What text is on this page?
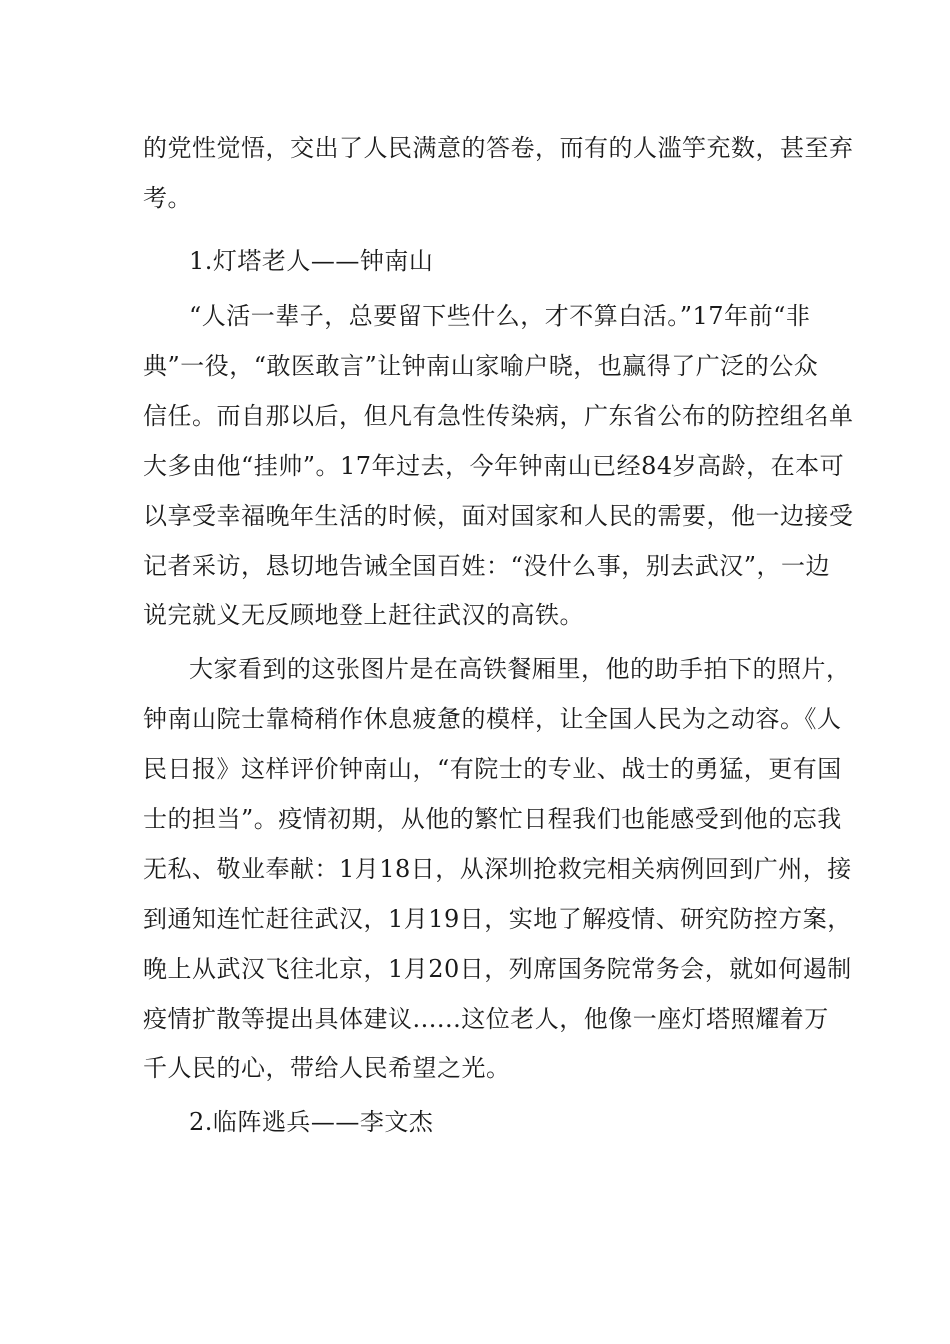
的党性觉悟，交出了人民满意的答卷，而有的人滥竽充数，甚至弃
考。
1.灯塔老人——钟南山
“人活一辈子，总要留下些什么，才不算白活。”17年前“非
典”一役，“敢医敢言”让钟南山家喻户晓，也赢得了广泛的公众
信任。而自那以后，但凡有急性传染病，广东省公布的防控组名单
大多由他“挂帅”。17年过去，今年钟南山已经84岁高龄，在本可
以享受幸福晚年生活的时候，面对国家和人民的需要，他一边接受
记者采访，恳切地告诫全国百姓：“没什么事，别去武汉”，一边
说完就义无反顾地登上赶往武汉的高铁。
大家看到的这张图片是在高铁餐厢里，他的助手拍下的照片，
钟南山院士靠椅稍作休息疲惫的模样，让全国人民为之动容。《人
民日报》这样评价钟南山，“有院士的专业、战士的勇猛，更有国
士的担当”。疫情初期，从他的繁忙日程我们也能感受到他的忘我
无私、敬业奉献：1月18日，从深圳抢救完相关病例回到广州，接
到通知连忙赶往武汉，1月19日，实地了解疫情、研究防控方案，
晚上从武汉飞往北京，1月20日，列席国务院常务会，就如何遏制
疫情扩散等提出具体建议......这位老人，他像一座灯塔照耀着万
千人民的心，带给人民希望之光。
2.临阵逃兵——李文杰
